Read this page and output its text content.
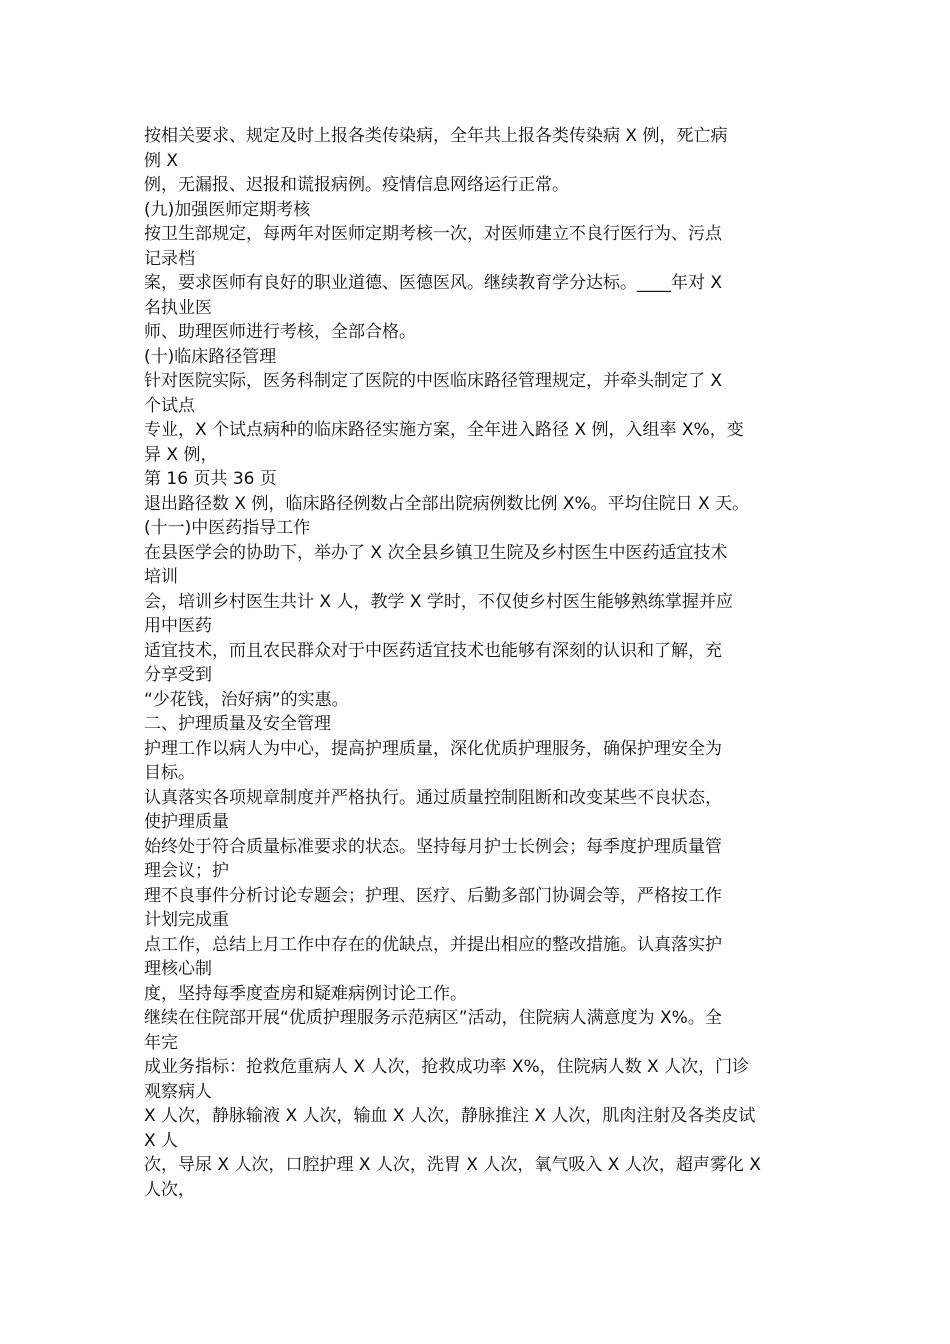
按相关要求、规定及时上报各类传染病，全年共上报各类传染病 X 例，死亡病
例 X
例，无漏报、迟报和谎报病例。疫情信息网络运行正常。
(九)加强医师定期考核
按卫生部规定，每两年对医师定期考核一次，对医师建立不良行医行为、污点
记录档
案，要求医师有良好的职业道德、医德医风。继续教育学分达标。____年对 X
名执业医
师、助理医师进行考核，全部合格。
(十)临床路径管理
针对医院实际，医务科制定了医院的中医临床路径管理规定，并牵头制定了 X
个试点
专业，X 个试点病种的临床路径实施方案，全年进入路径 X 例，入组率 X%，变
异 X 例，
第 16 页共 36 页
退出路径数 X 例，临床路径例数占全部出院病例数比例 X%。平均住院日 X 天。
(十一)中医药指导工作
在县医学会的协助下，举办了 X 次全县乡镇卫生院及乡村医生中医药适宜技术
培训
会，培训乡村医生共计 X 人，教学 X 学时，不仅使乡村医生能够熟练掌握并应
用中医药
适宜技术，而且农民群众对于中医药适宜技术也能够有深刻的认识和了解，充
分享受到
“少花钱，治好病”的实惠。
二、护理质量及安全管理
护理工作以病人为中心，提高护理质量，深化优质护理服务，确保护理安全为
目标。
认真落实各项规章制度并严格执行。通过质量控制阻断和改变某些不良状态，
使护理质量
始终处于符合质量标准要求的状态。坚持每月护士长例会；每季度护理质量管
理会议；护
理不良事件分析讨论专题会；护理、医疗、后勤多部门协调会等，严格按工作
计划完成重
点工作，总结上月工作中存在的优缺点，并提出相应的整改措施。认真落实护
理核心制
度，坚持每季度查房和疑难病例讨论工作。
继续在住院部开展“优质护理服务示范病区”活动，住院病人满意度为 X%。全
年完
成业务指标：抢救危重病人 X 人次，抢救成功率 X%，住院病人数 X 人次，门诊
观察病人
X 人次，静脉输液 X 人次，输血 X 人次，静脉推注 X 人次，肌肉注射及各类皮试
X 人
次，导尿 X 人次，口腔护理 X 人次，洗胃 X 人次，氧气吸入 X 人次，超声雾化 X
人次，
